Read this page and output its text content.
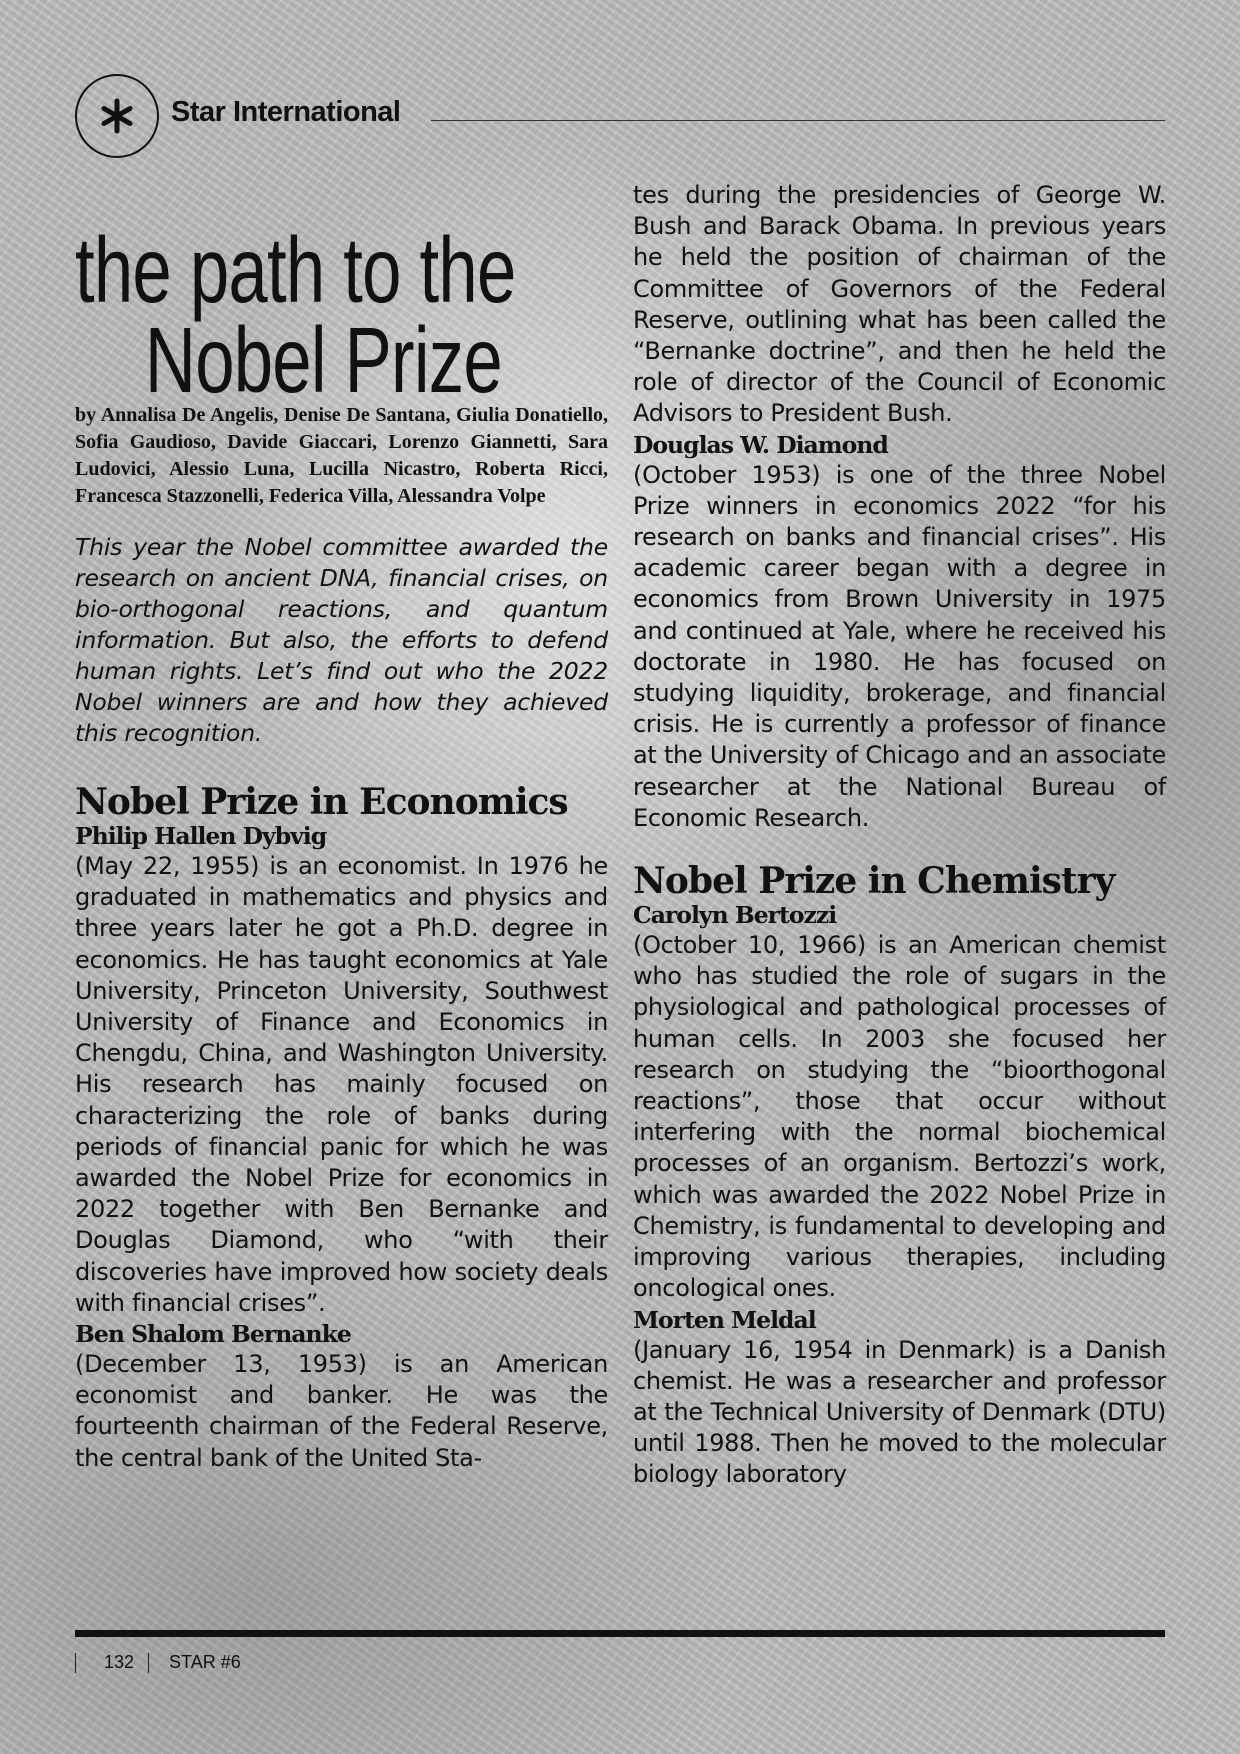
Star International
the path to the
Nobel Prize
by Annalisa De Angelis, Denise De Santana, Giulia Donatiello, Sofia Gaudioso, Davide Giaccari, Lorenzo Giannetti, Sara Ludovici, Alessio Luna, Lucilla Nicastro, Roberta Ricci, Francesca Stazzonelli, Federica Villa, Alessandra Volpe
This year the Nobel committee awarded the research on ancient DNA, financial crises, on bio-orthogonal reactions, and quantum information. But also, the efforts to defend human rights. Let’s find out who the 2022 Nobel winners are and how they achieved this recognition.
Nobel Prize in Economics
Philip Hallen Dybvig

(May 22, 1955) is an economist. In 1976 he graduated in mathematics and physics and three years later he got a Ph.D. degree in economics. He has taught economics at Yale University, Princeton University, Southwest University of Finance and Economics in Chengdu, China, and Washington University. His research has mainly focused on characterizing the role of banks during periods of financial panic for which he was awarded the Nobel Prize for economics in 2022 together with Ben Bernanke and Douglas Diamond, who “with their discoveries have improved how society deals with financial crises”.

Ben Shalom Bernanke

(December 13, 1953) is an American economist and banker. He was the fourteenth chairman of the Federal Reserve, the central bank of the United Sta-

tes during the presidencies of George W. Bush and Barack Obama. In previous years he held the position of chairman of the Committee of Governors of the Federal Reserve, outlining what has been called the “Bernanke doctrine”, and then he held the role of director of the Council of Economic Advisors to President Bush.

Douglas W. Diamond

(October 1953) is one of the three Nobel Prize winners in economics 2022 “for his research on banks and financial crises”. His academic career began with a degree in economics from Brown University in 1975 and continued at Yale, where he received his doctorate in 1980. He has focused on studying liquidity, brokerage, and financial crisis. He is currently a professor of finance at the University of Chicago and an associate researcher at the National Bureau of Economic Research.

Nobel Prize in Chemistry
Carolyn Bertozzi

(October 10, 1966) is an American chemist who has studied the role of sugars in the physiological and pathological processes of human cells. In 2003 she focused her research on studying the “bioorthogonal reactions”, those that occur without interfering with the normal biochemical processes of an organism. Bertozzi’s work, which was awarded the 2022 Nobel Prize in Chemistry, is fundamental to developing and improving various therapies, including oncological ones.

Morten Meldal

(January 16, 1954 in Denmark) is a Danish chemist. He was a researcher and professor at the Technical University of Denmark (DTU) until 1988. Then he moved to the molecular biology laboratory

132 STAR #6
